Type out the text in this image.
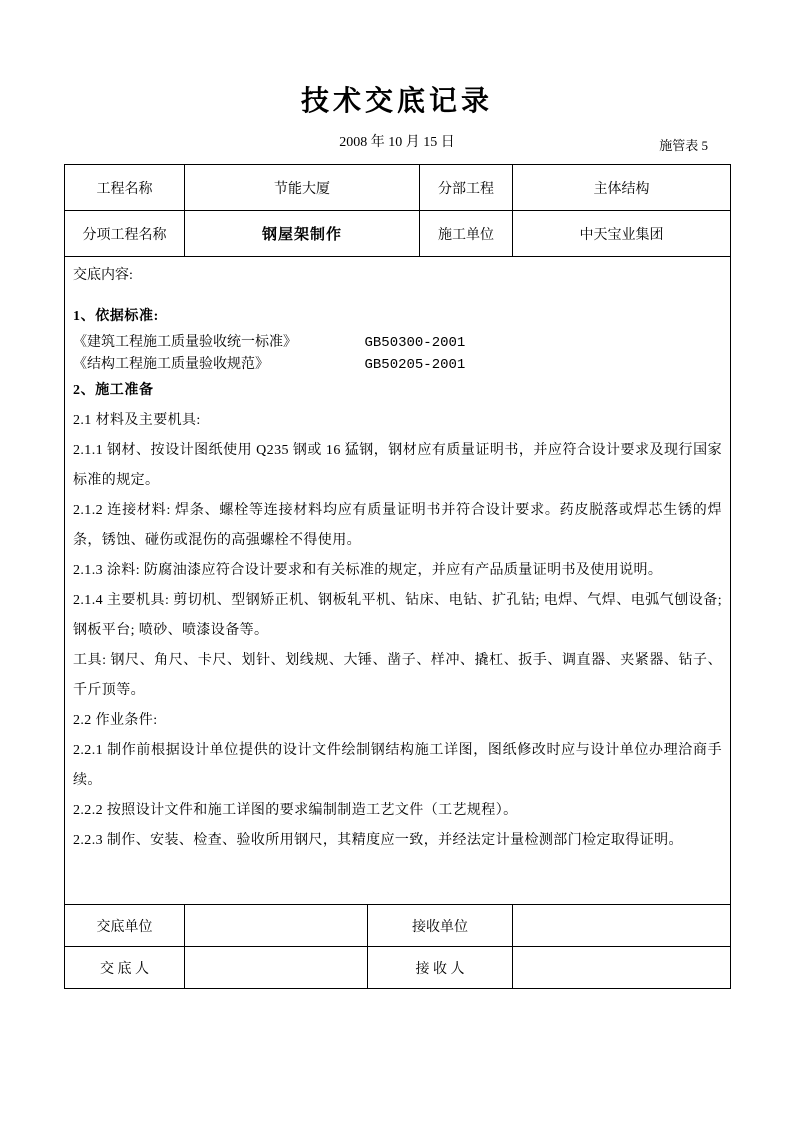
技术交底记录
2008 年 10 月 15 日	施管表 5
工程名称	节能大厦		分部工程	主体结构
分项工程名称	钢屋架制作		施工单位	中天宝业集团

交底内容:

1、依据标准:

《建筑工程施工质量验收统一标准》	GB50300-2001

《结构工程施工质量验收规范》	GB50205-2001

2、施工准备

2.1 材料及主要机具:

2.1.1 钢材、按设计图纸使用 Q235 钢或 16 猛钢，钢材应有质量证明书，并应符合设计要求及现行国家标准的规定。

2.1.2 连接材料: 焊条、螺栓等连接材料均应有质量证明书并符合设计要求。药皮脱落或焊芯生锈的焊条，锈蚀、碰伤或混伤的高强螺栓不得使用。

2.1.3 涂料: 防腐油漆应符合设计要求和有关标准的规定，并应有产品质量证明书及使用说明。

2.1.4 主要机具: 剪切机、型钢矫正机、钢板轧平机、钻床、电钻、扩孔钻; 电焊、气焊、电弧气刨设备; 钢板平台; 喷砂、喷漆设备等。

工具: 钢尺、角尺、卡尺、划针、划线规、大锤、凿子、样冲、撬杠、扳手、调直器、夹紧器、钻子、千斤顶等。

2.2 作业条件:

2.2.1 制作前根据设计单位提供的设计文件绘制钢结构施工详图，图纸修改时应与设计单位办理洽商手续。

2.2.2 按照设计文件和施工详图的要求编制制造工艺文件（工艺规程）。

2.2.3 制作、安装、检查、验收所用钢尺，其精度应一致，并经法定计量检测部门检定取得证明。

交底单位		接收单位		
交 底 人		接 收 人		
